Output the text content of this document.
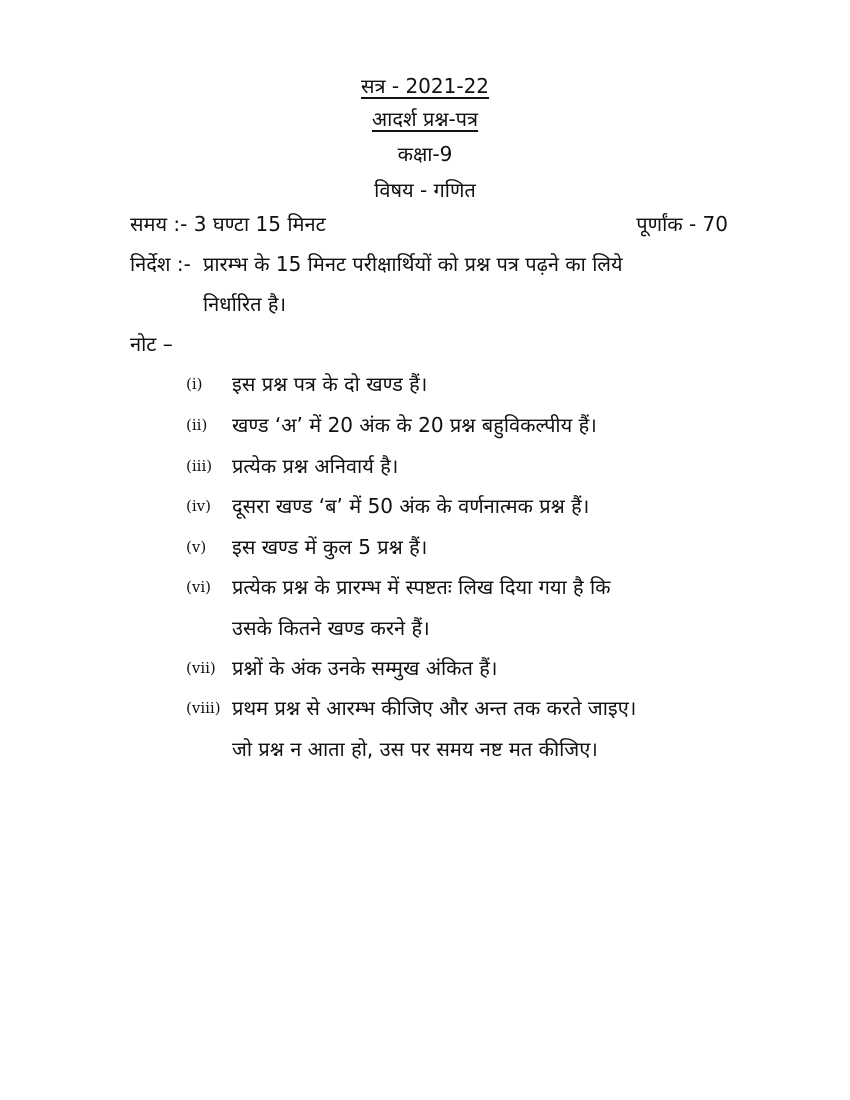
सत्र - 2021-22
आदर्श प्रश्न-पत्र
कक्षा-9
विषय - गणित
समय :- 3 घण्टा 15 मिनट	पूर्णांक - 70
निर्देश :- प्रारम्भ के 15 मिनट परीक्षार्थियों को प्रश्न पत्र पढ़ने का लिये
निर्धारित है।
नोट –
(i)	इस प्रश्न पत्र के दो खण्ड हैं।
(ii)	खण्ड ‘अ’ में 20 अंक के 20 प्रश्न बहुविकल्पीय हैं।
(iii) प्रत्येक प्रश्न अनिवार्य है।
(iv)	दूसरा खण्ड ‘ब’ में 50 अंक के वर्णनात्मक प्रश्न हैं।
(v)	इस खण्ड में कुल 5 प्रश्न हैं।
(vi)	प्रत्येक प्रश्न के प्रारम्भ में स्पष्टतः लिख दिया गया है कि
उसके कितने खण्ड करने हैं।
(vii) प्रश्नों के अंक उनके सम्मुख अंकित हैं।
(viii) प्रथम प्रश्न से आरम्भ कीजिए और अन्त तक करते जाइए।
जो प्रश्न न आता हो, उस पर समय नष्ट मत कीजिए।
